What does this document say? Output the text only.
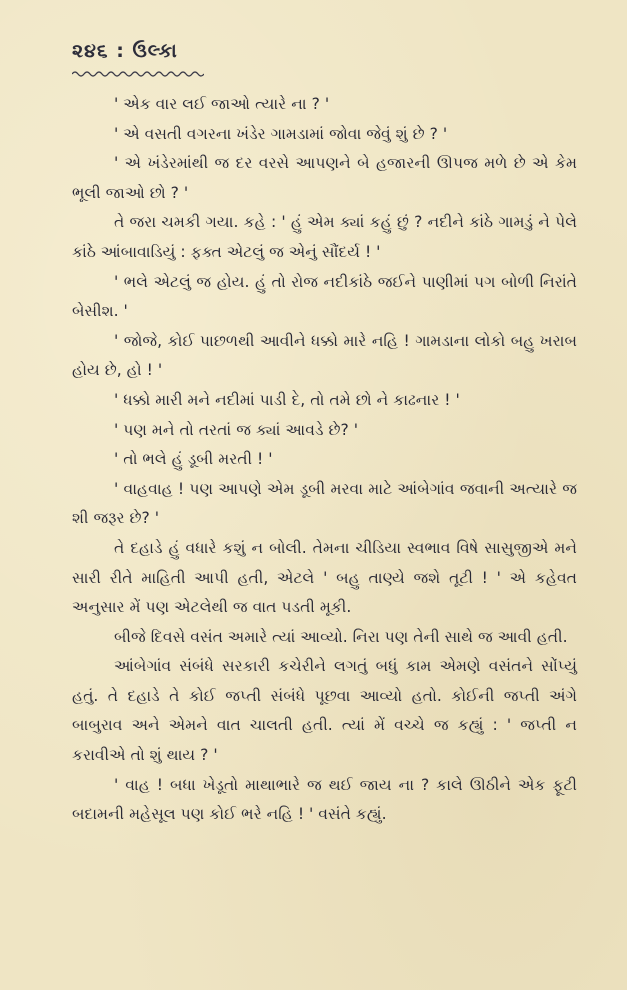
૨૪૬ : ઉલ્કા

' એક વાર લઈ જાઓ ત્યારે ના ? '

' એ વસતી વગરના ખંડેર ગામડામાં જોવા જેવું શું છે ? '

' એ ખંડેરમાંથી જ દર વરસે આપણને બે હજારની ઊપજ મળે છે એ કેમ ભૂલી જાઓ છો ? '

તે જરા ચમકી ગયા. કહે : ' હું એમ ક્યાં કહું છું ? નદીને કાંઠે ગામડું ને પેલે કાંઠે આંબાવાડિયું : ફક્ત એટલું જ એનું સૌંદર્ય ! '

' ભલે એટલું જ હોય. હું તો રોજ નદીકાંઠે જઈને પાણીમાં પગ બોળી નિરાંતે બેસીશ. '

' જોજે, કોઈ પાછળથી આવીને ધક્કો મારે નહિ ! ગામડાના લોકો બહુ ખરાબ હોય છે, હો ! '

' ધક્કો મારી મને નદીમાં પાડી દે, તો તમે છો ને કાઢનાર ! '

' પણ મને તો તરતાં જ ક્યાં આવડે છે? '

' તો ભલે હું ડૂબી મરતી ! '

' વાહવાહ ! પણ આપણે એમ ડૂબી મરવા માટે આંબેગાંવ જવાની અત્યારે જ શી જરૂર છે? '

તે દહાડે હું વધારે કશું ન બોલી. તેમના ચીડિયા સ્વભાવ વિષે સાસુજીએ મને સારી રીતે માહિતી આપી હતી, એટલે ' બહુ તાણ્યે જશે તૂટી ! ' એ કહેવત અનુસાર મેં પણ એટલેથી જ વાત પડતી મૂકી.

બીજે દિવસે વસંત અમારે ત્યાં આવ્યો. નિરા પણ તેની સાથે જ આવી હતી.

આંબેગાંવ સંબંધે સરકારી કચેરીને લગતું બધું કામ એમણે વસંતને સોંપ્યું હતું. તે દહાડે તે કોઈ જપ્તી સંબંધે પૂછવા આવ્યો હતો. કોઈની જપ્તી અંગે બાબુરાવ અને એમને વાત ચાલતી હતી. ત્યાં મેં વચ્ચે જ કહ્યું : ' જપ્તી ન કરાવીએ તો શું થાય ? '

' વાહ ! બધા ખેડૂતો માથાભારે જ થઈ જાય ના ? કાલે ઊઠીને એક ફૂટી બદામની મહેસૂલ પણ કોઈ ભરે નહિ ! ' વસંતે કહ્યું.
